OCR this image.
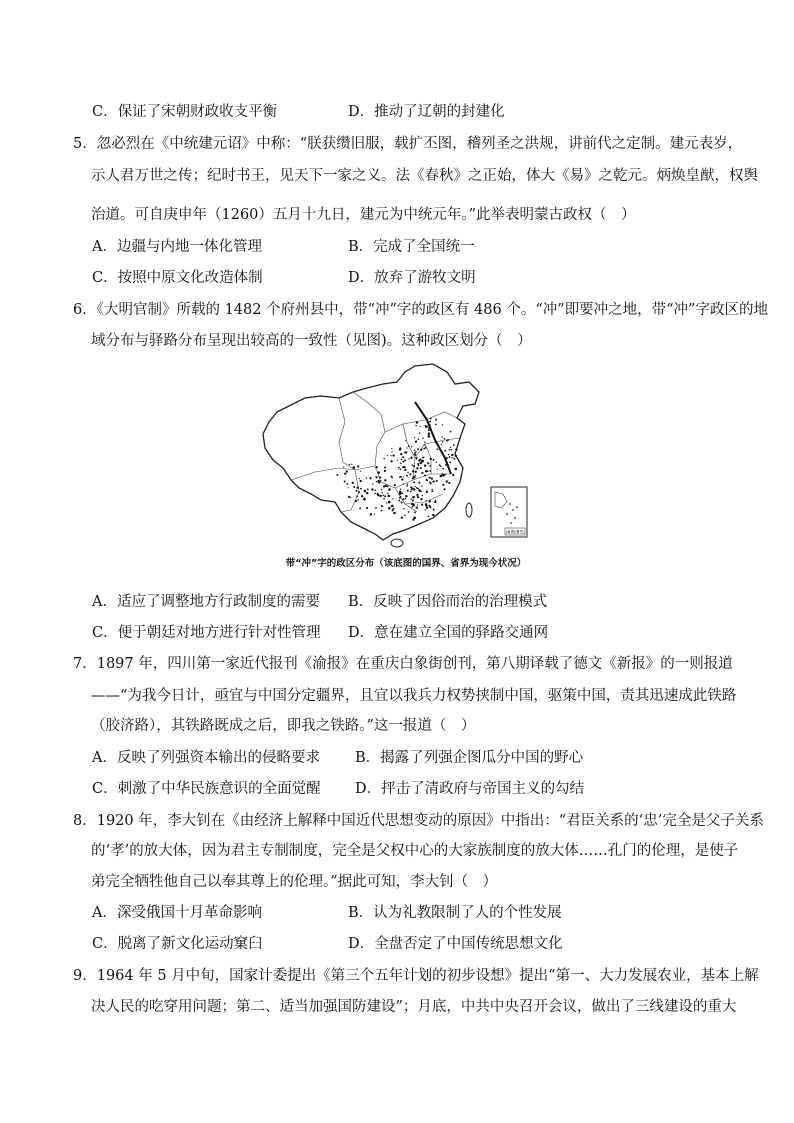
C．保证了宋朝财政收支平衡	D．推动了辽朝的封建化
5．忽必烈在《中统建元诏》中称：“朕获缵旧服，载扩丕图，稽列圣之洪规，讲前代之定制。建元表岁，
示人君万世之传；纪时书王，见天下一家之义。法《春秋》之正始，体大《易》之乾元。炳焕皇猷，权舆
治道。可自庚申年（1260）五月十九日，建元为中统元年。”此举表明蒙古政权（　）
A．边疆与内地一体化管理	B．完成了全国统一
C．按照中原文化改造体制	D．放弃了游牧文明
6．《大明官制》所载的 1482 个府州县中，带“冲”字的政区有 486 个。“冲”即要冲之地，带“冲”字政区的地
域分布与驿路分布呈现出较高的一致性（见图)。这种政区划分（　）
南海诸岛
带“冲”字的政区分布（该底图的国界、省界为现今状况）
A．适应了调整地方行政制度的需要 B．反映了因俗而治的治理模式
C．便于朝廷对地方进行针对性管理 D．意在建立全国的驿路交通网
7．1897 年，四川第一家近代报刊《渝报》在重庆白象街创刊，第八期译载了德文《新报》的一则报道
——“为我今日计，亟宜与中国分定疆界，且宜以我兵力权势挟制中国，驱策中国，责其迅速成此铁路
（胶济路），其铁路既成之后，即我之铁路。”这一报道（　）
A．反映了列强资本输出的侵略要求 B．揭露了列强企图瓜分中国的野心
C．刺激了中华民族意识的全面觉醒 D．抨击了清政府与帝国主义的勾结
8．1920 年，李大钊在《由经济上解释中国近代思想变动的原因》中指出：“君臣关系的‘忠’完全是父子关系
的‘孝’的放大体，因为君主专制制度，完全是父权中心的大家族制度的放大体……孔门的伦理，是使子
弟完全牺牲他自己以奉其尊上的伦理。”据此可知，李大钊（　）
A．深受俄国十月革命影响	B．认为礼教限制了人的个性发展
C．脱离了新文化运动窠臼	D．全盘否定了中国传统思想文化
9．1964 年 5 月中旬，国家计委提出《第三个五年计划的初步设想》提出“第一、大力发展农业，基本上解
决人民的吃穿用问题；第二、适当加强国防建设”；月底，中共中央召开会议，做出了三线建设的重大
